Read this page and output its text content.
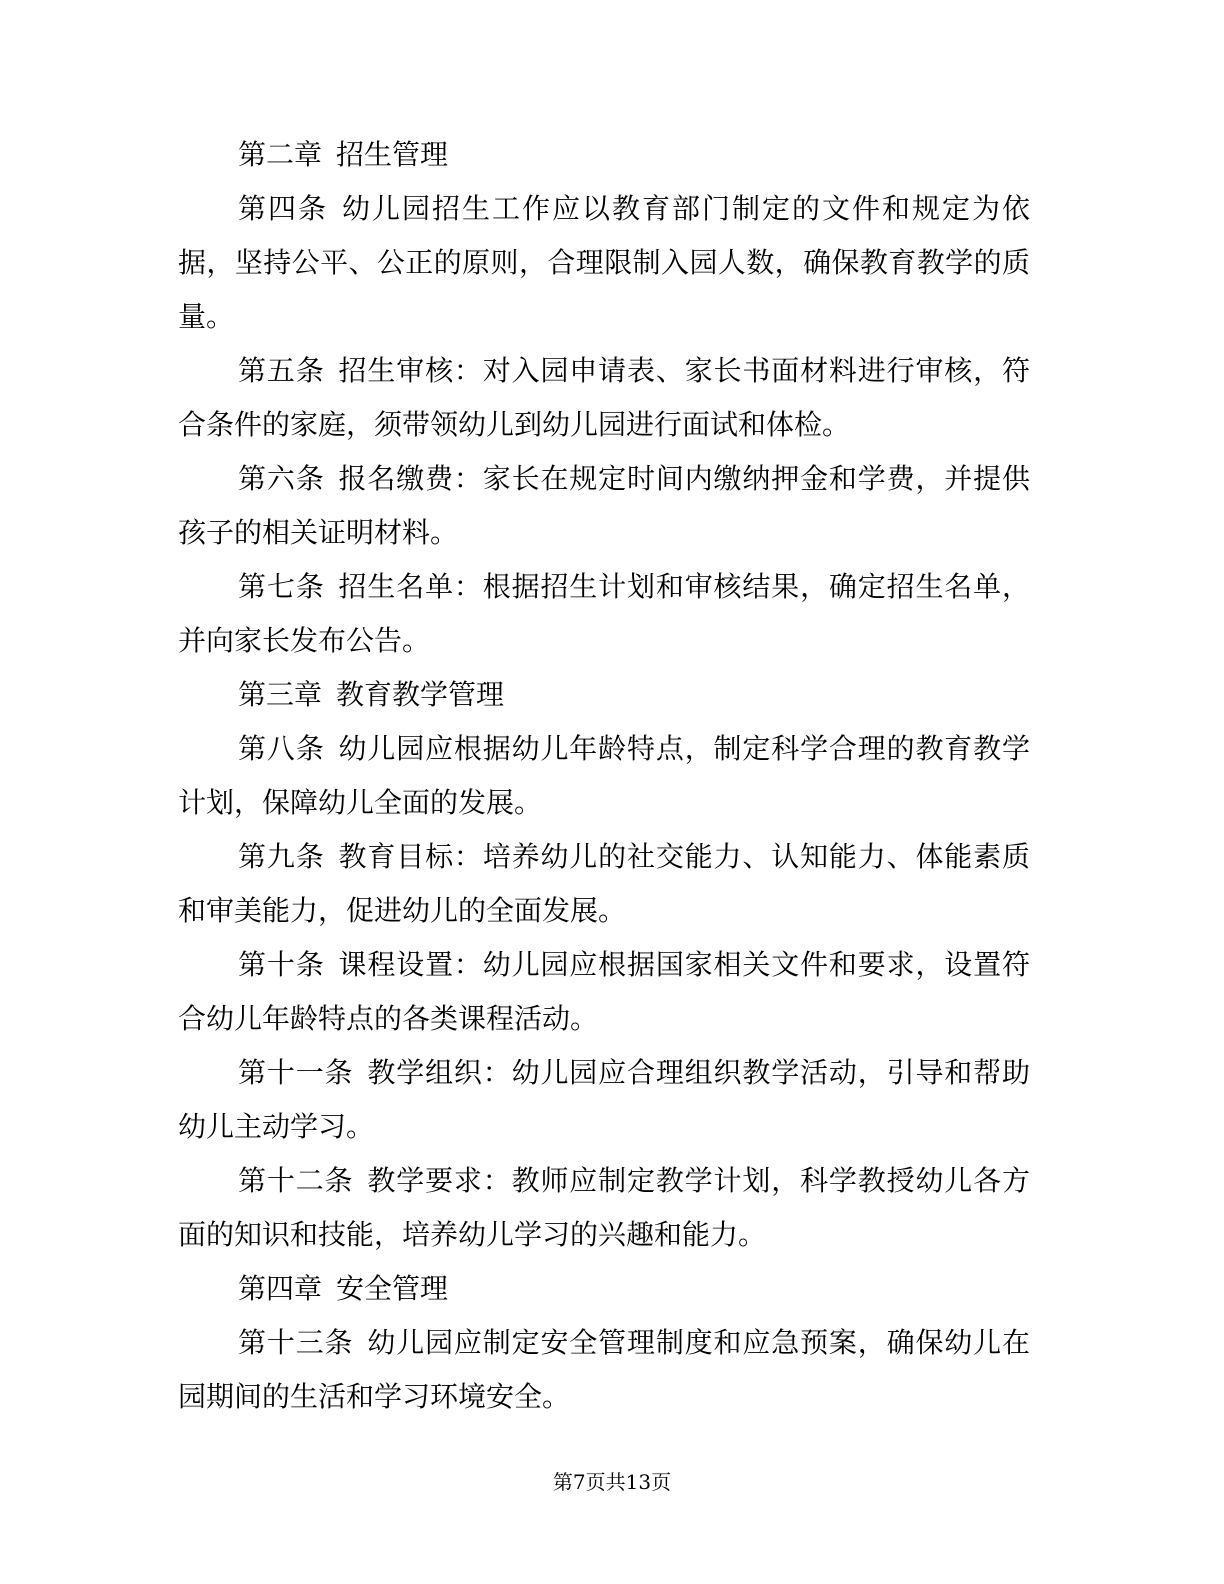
第二章 招生管理

第四条 幼儿园招生工作应以教育部门制定的文件和规定为依据，坚持公平、公正的原则，合理限制入园人数，确保教育教学的质量。

第五条 招生审核：对入园申请表、家长书面材料进行审核，符合条件的家庭，须带领幼儿到幼儿园进行面试和体检。

第六条 报名缴费：家长在规定时间内缴纳押金和学费，并提供孩子的相关证明材料。

第七条 招生名单：根据招生计划和审核结果，确定招生名单，并向家长发布公告。

第三章 教育教学管理

第八条 幼儿园应根据幼儿年龄特点，制定科学合理的教育教学计划，保障幼儿全面的发展。

第九条 教育目标：培养幼儿的社交能力、认知能力、体能素质和审美能力，促进幼儿的全面发展。

第十条 课程设置：幼儿园应根据国家相关文件和要求，设置符合幼儿年龄特点的各类课程活动。

第十一条 教学组织：幼儿园应合理组织教学活动，引导和帮助幼儿主动学习。

第十二条 教学要求：教师应制定教学计划，科学教授幼儿各方面的知识和技能，培养幼儿学习的兴趣和能力。

第四章 安全管理

第十三条 幼儿园应制定安全管理制度和应急预案，确保幼儿在园期间的生活和学习环境安全。

第7页共13页
